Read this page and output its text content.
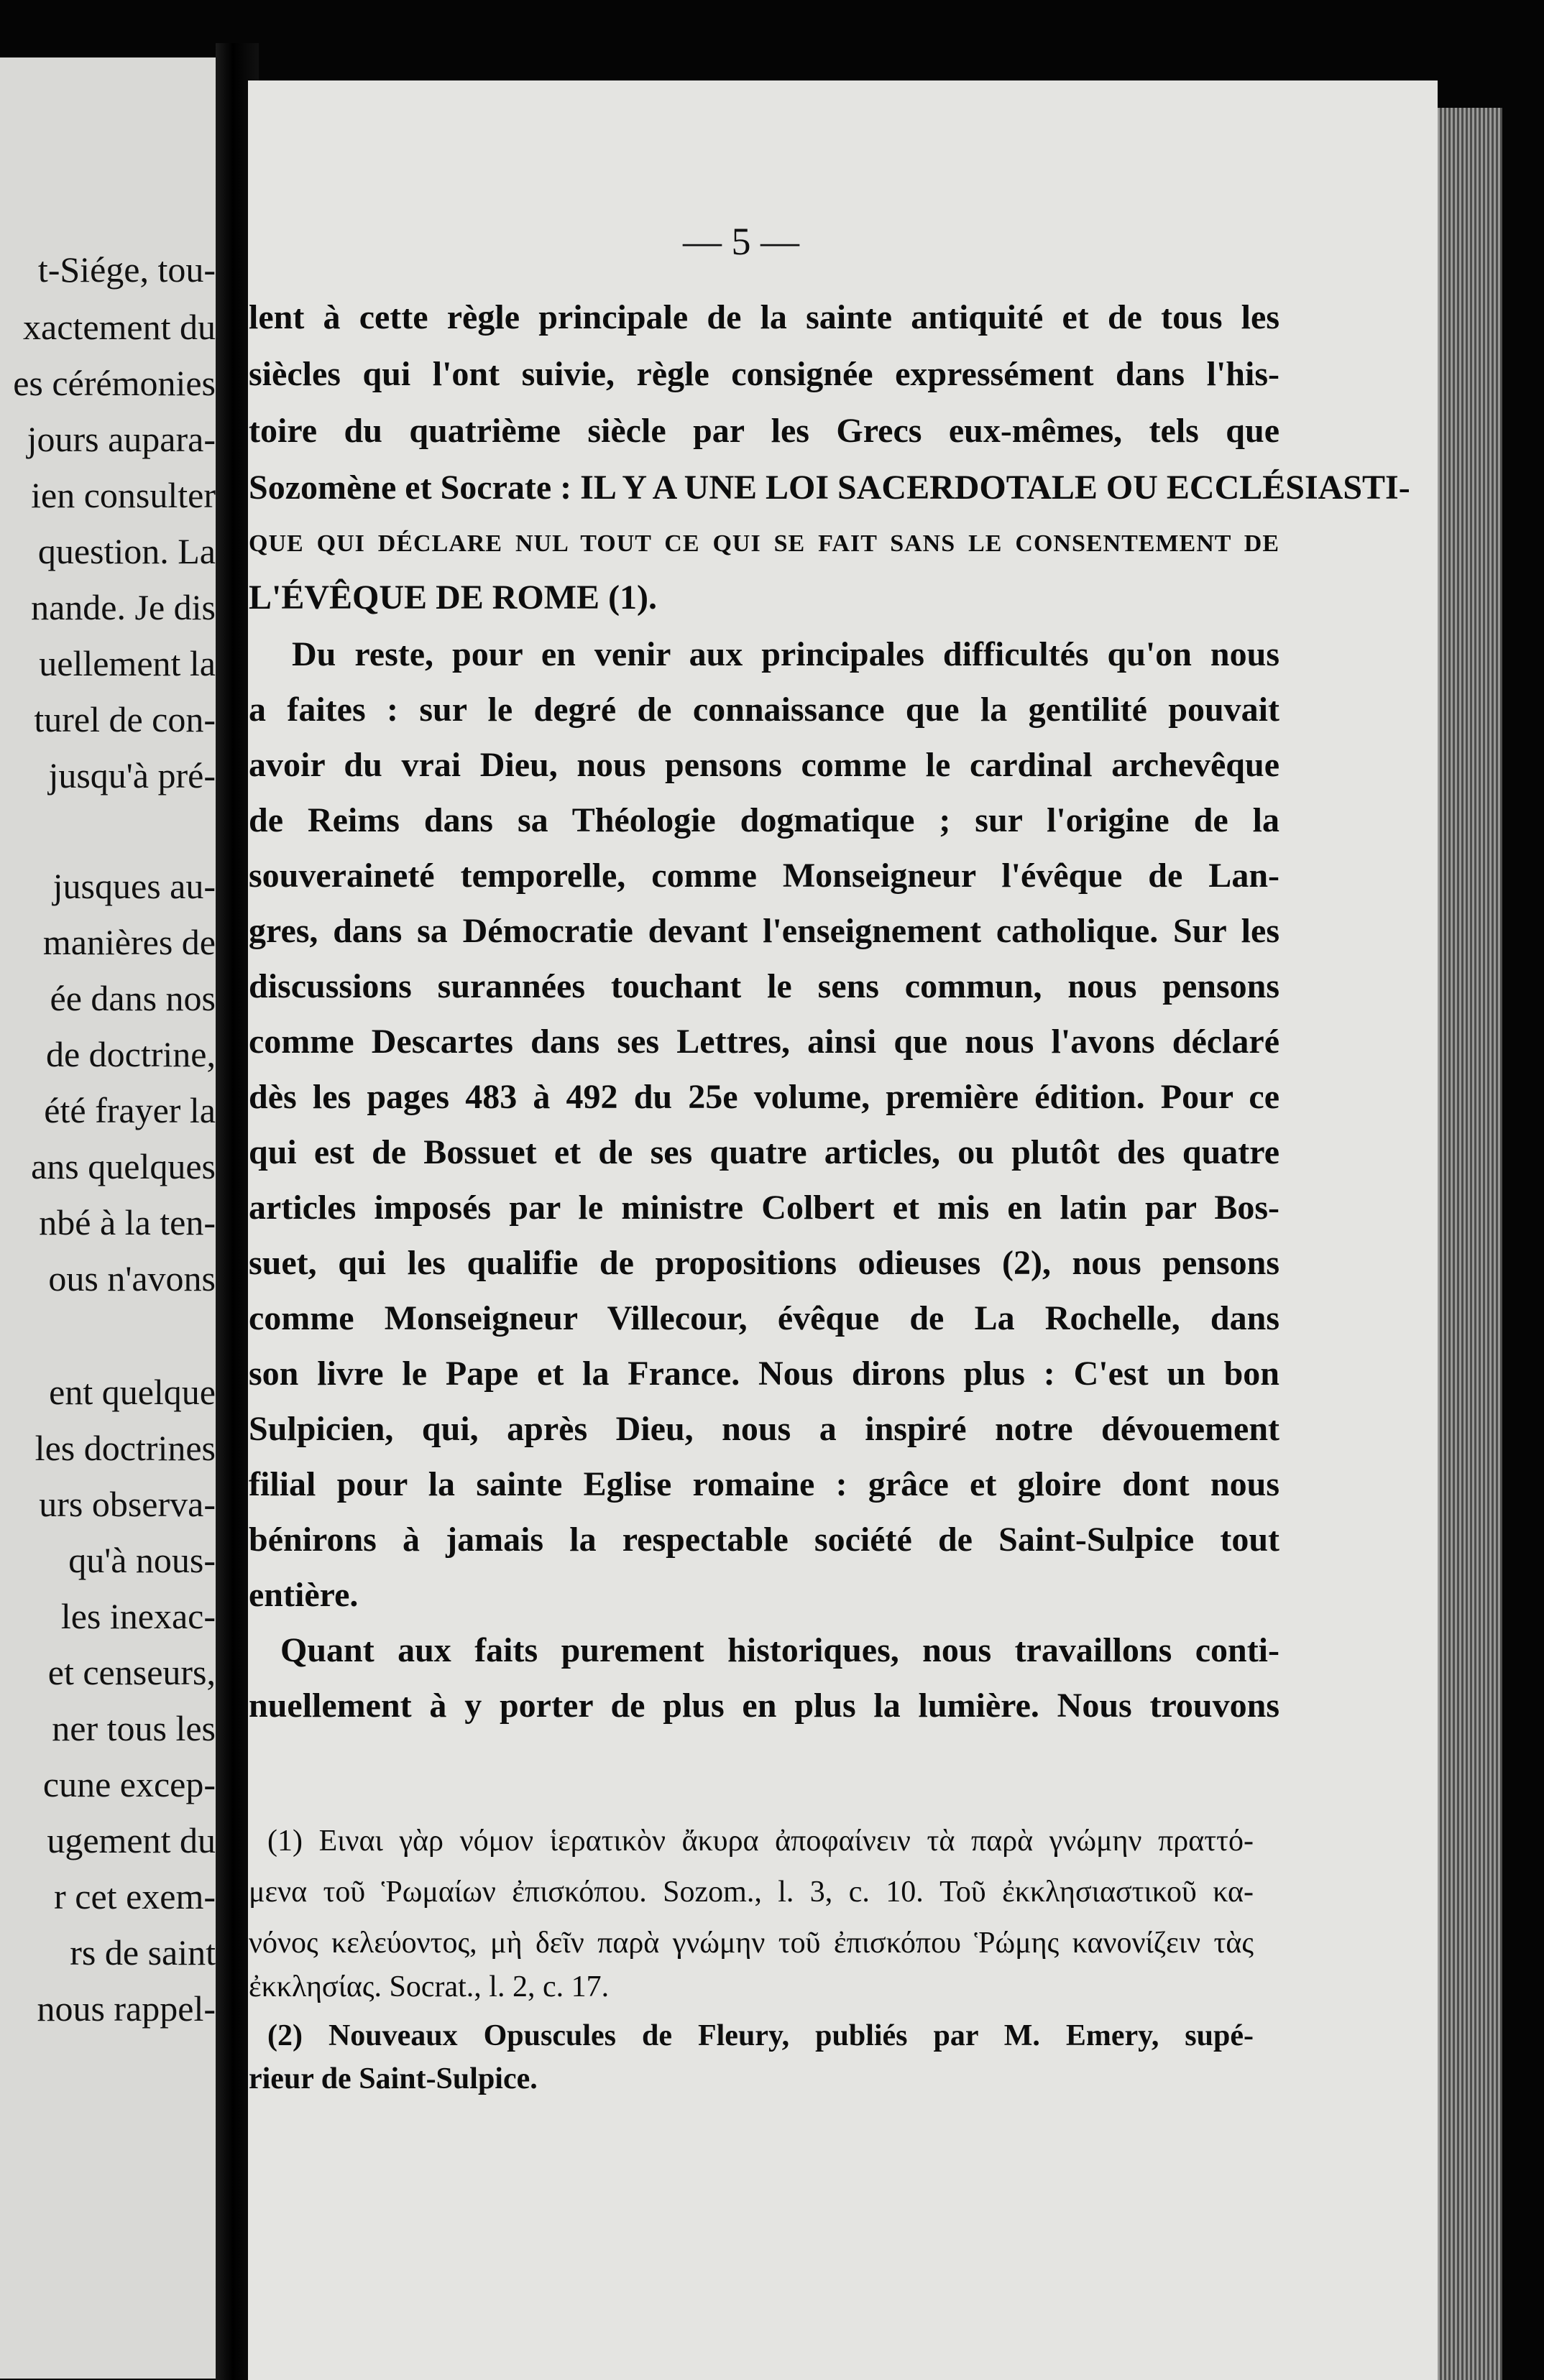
t-Siége, tou-
xactement du
es cérémonies
jours aupara-
ien consulter
question. La
nande. Je dis
uellement la
turel de con-
jusqu'à pré-
jusques au-
manières de
ée dans nos
de doctrine,
été frayer la
ans quelques
nbé à la ten-
ous n'avons
ent quelque
les doctrines
urs observa-
qu'à nous-
les inexac-
et censeurs,
ner tous les
cune excep-
ugement du
r cet exem-
rs de saint
nous rappel-
— 5 —
lent à cette règle principale de la sainte antiquité et de tous les
siècles qui l'ont suivie, règle consignée expressément dans l'his-
toire du quatrième siècle par les Grecs eux-mêmes, tels que
Sozomène et Socrate : IL Y A UNE LOI SACERDOTALE OU ECCLÉSIASTI-
QUE QUI DÉCLARE NUL TOUT CE QUI SE FAIT SANS LE CONSENTEMENT DE
L'ÉVÊQUE DE ROME (1).
Du reste, pour en venir aux principales difficultés qu'on nous
a faites : sur le degré de connaissance que la gentilité pouvait
avoir du vrai Dieu, nous pensons comme le cardinal archevêque
de Reims dans sa Théologie dogmatique ; sur l'origine de la
souveraineté temporelle, comme Monseigneur l'évêque de Lan-
gres, dans sa Démocratie devant l'enseignement catholique. Sur les
discussions surannées touchant le sens commun, nous pensons
comme Descartes dans ses Lettres, ainsi que nous l'avons déclaré
dès les pages 483 à 492 du 25e volume, première édition. Pour ce
qui est de Bossuet et de ses quatre articles, ou plutôt des quatre
articles imposés par le ministre Colbert et mis en latin par Bos-
suet, qui les qualifie de propositions odieuses (2), nous pensons
comme Monseigneur Villecour, évêque de La Rochelle, dans
son livre le Pape et la France. Nous dirons plus : C'est un bon
Sulpicien, qui, après Dieu, nous a inspiré notre dévouement
filial pour la sainte Eglise romaine : grâce et gloire dont nous
bénirons à jamais la respectable société de Saint-Sulpice tout
entière.
Quant aux faits purement historiques, nous travaillons conti-
nuellement à y porter de plus en plus la lumière. Nous trouvons
(1) Ειναι γὰρ νόμον ἱερατικὸν ἄκυρα ἀποφαίνειν τὰ παρὰ γνώμην πραττό-
μενα τοῦ Ῥωμαίων ἐπισκόπου. Sozom., l. 3, c. 10. Τοῦ ἐκκλησιαστικοῦ κα-
νόνος κελεύοντος, μὴ δεῖν παρὰ γνώμην τοῦ ἐπισκόπου Ῥώμης κανονίζειν τὰς
ἐκκλησίας. Socrat., l. 2, c. 17.
(2) Nouveaux Opuscules de Fleury, publiés par M. Emery, supé-
rieur de Saint-Sulpice.
